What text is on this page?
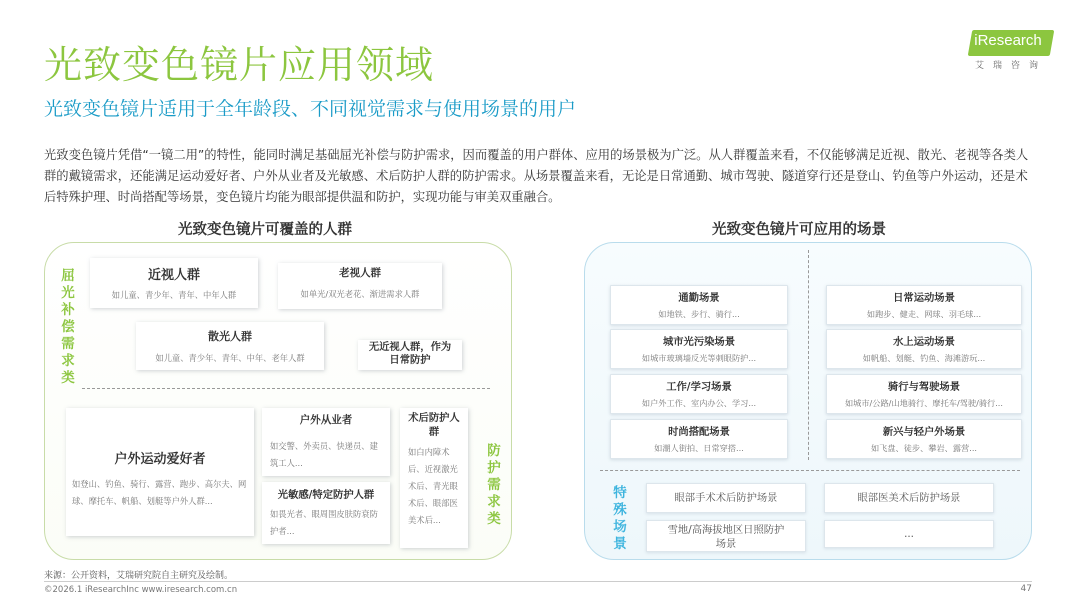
光致变色镜片应用领域
光致变色镜片适用于全年龄段、不同视觉需求与使用场景的用户
光致变色镜片凭借“一镜二用”的特性，能同时满足基础屈光补偿与防护需求，因而覆盖的用户群体、应用的场景极为广泛。从人群覆盖来看，不仅能够满足近视、散光、老视等各类人群的戴镜需求，还能满足运动爱好者、户外从业者及光敏感、术后防护人群的防护需求。从场景覆盖来看，无论是日常通勤、城市驾驶、隧道穿行还是登山、钓鱼等户外运动，还是术后特殊护理、时尚搭配等场景，变色镜片均能为眼部提供温和防护，实现功能与审美双重融合。
iResearch
艾瑞咨询
光致变色镜片可覆盖的人群	光致变色镜片可应用的场景
屈光补偿需求类
防护需求类
近视人群
如儿童、青少年、青年、中年人群
老视人群
如单光/双光老花、渐进需求人群
散光人群
如儿童、青少年、青年、中年、老年人群
无近视人群，作为日常防护
户外运动爱好者
如登山、钓鱼、骑行、露营、跑步、高尔夫、网球、摩托车、帆船、划艇等户外人群...
户外从业者
如交警、外卖员、快递员、建筑工人...
光敏感/特定防护人群
如畏光者、眼周围皮肤防衰防护者...
术后防护人群
如白内障术后、近视激光术后、青光眼术后、眼部医美术后...
特殊场景
通勤场景
如地铁、步行、骑行...
城市光污染场景
如城市玻璃墙反光等刺眼防护...
工作/学习场景
如户外工作、室内办公、学习...
时尚搭配场景
如潮人街拍、日常穿搭...
日常运动场景
如跑步、健走、网球、羽毛球...
水上运动场景
如帆船、划艇、钓鱼、海滩游玩...
骑行与驾驶场景
如城市/公路/山地骑行、摩托车/驾驶/骑行...
新兴与轻户外场景
如飞盘、徒步、攀岩、露营...
眼部手术术后防护场景	眼部医美术后防护场景
雪地/高海拔地区日照防护场景
...
来源：公开资料，艾瑞研究院自主研究及绘制。
©2026.1 iResearchInc www.iresearch.com.cn	47
